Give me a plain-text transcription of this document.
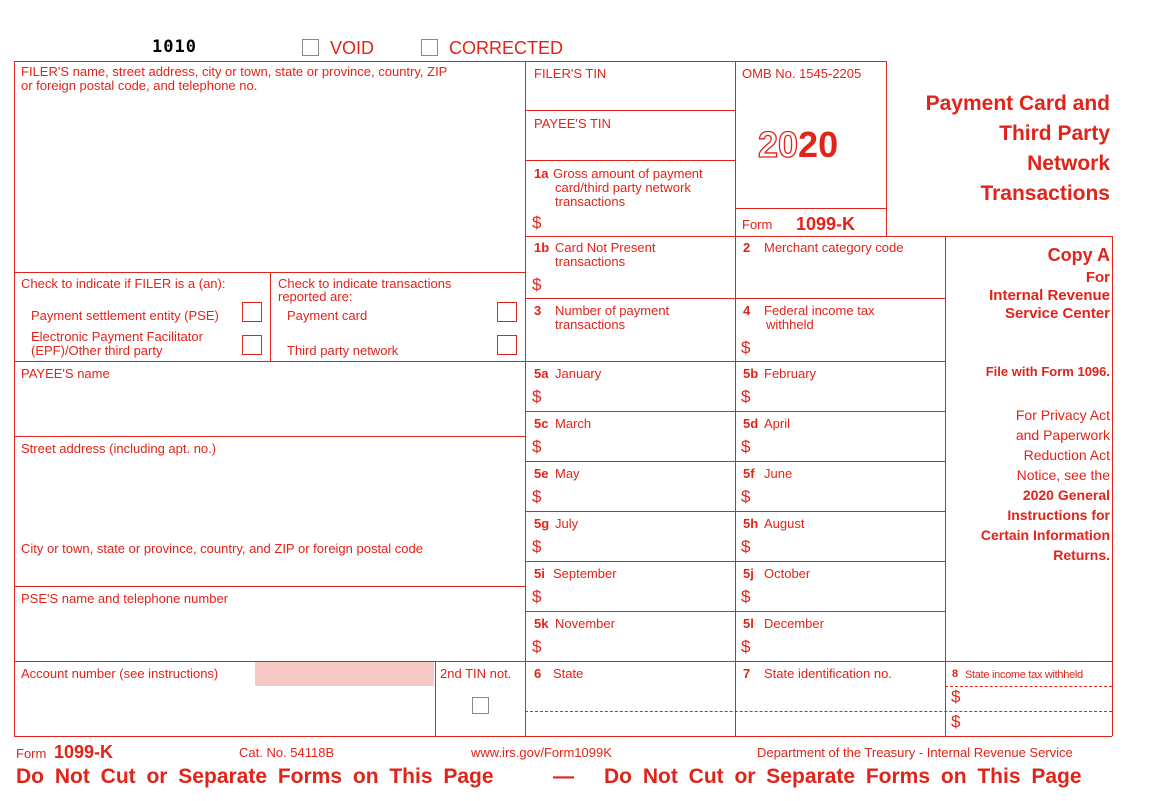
1010	VOID	CORRECTED
FILER'S name, street address, city or town, state or province, country, ZIP
or foreign postal code, and telephone no.
Check to indicate if FILER is a (an):
Payment settlement entity (PSE)
Electronic Payment Facilitator
(EPF)/Other third party
Check to indicate transactions
reported are:
Payment card
Third party network
FILER'S TIN
PAYEE'S TIN
1a Gross amount of payment
card/third party network
transactions
$
OMB No. 1545-2205
2020
Form 1099-K
Payment Card and
Third Party
Network
Transactions
1b Card Not Present
transactions
$
2 Merchant category code
3 Number of payment
transactions
4 Federal income tax
withheld
$
5a January
$
5b February
$
5c March
$
5d April
$
5e May
$
5f June
$
5g July
$
5h August
$
5i September
$
5j October
$
5k November
$
5l December
$
PAYEE'S name
Street address (including apt. no.)
City or town, state or province, country, and ZIP or foreign postal code
PSE'S name and telephone number
Account number (see instructions)	2nd TIN not. 6 State	7 State identification no.	8 State income tax withheld
$
$
Copy A
For
Internal Revenue
Service Center
File with Form 1096.
For Privacy Act
and Paperwork
Reduction Act
Notice, see the
2020 General
Instructions for
Certain Information
Returns.
Form 1099-K	Cat. No. 54118B	www.irs.gov/Form1099K	Department of the Treasury - Internal Revenue Service
Do Not Cut or Separate Forms on This Page	— Do Not Cut or Separate Forms on This Page
